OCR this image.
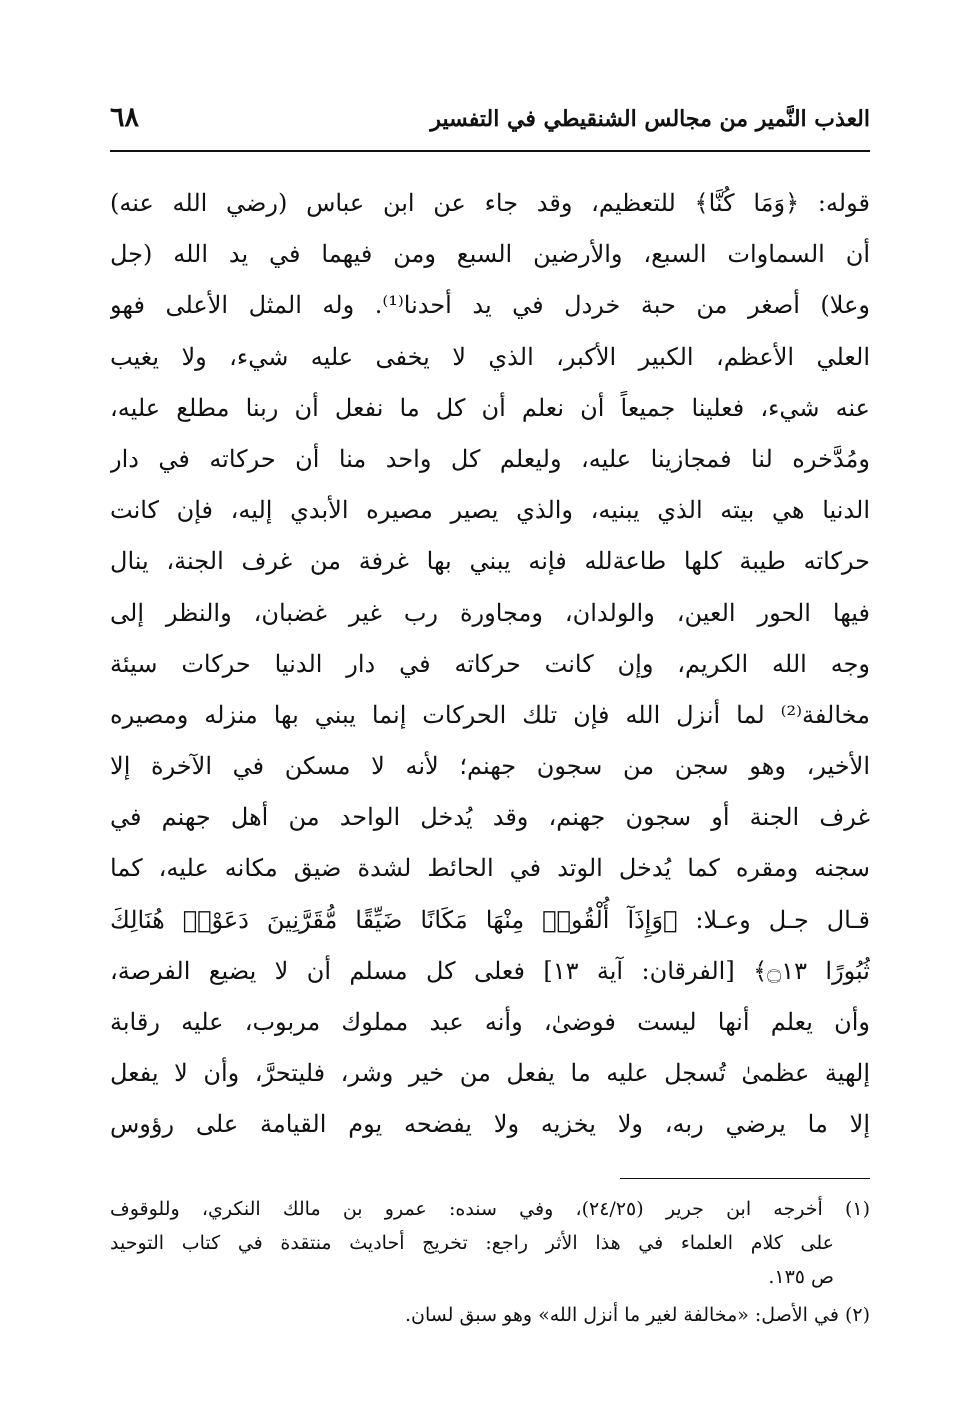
العذب النَّمير من مجالس الشنقيطي في التفسير
٦٨
قوله: ﴿وَمَا كُنَّا﴾ للتعظيم، وقد جاء عن ابن عباس (رضي الله عنه)
أن السماوات السبع، والأرضين السبع ومن فيهما في يد الله (جل
وعلا) أصغر من حبة خردل في يد أحدنا⁽¹⁾. وله المثل الأعلى فهو
العلي الأعظم، الكبير الأكبر، الذي لا يخفى عليه شيء، ولا يغيب
عنه شيء، فعلينا جميعاً أن نعلم أن كل ما نفعل أن ربنا مطلع عليه،
ومُدَّخره لنا فمجازينا عليه، وليعلم كل واحد منا أن حركاته في دار
الدنيا هي بيته الذي يبنيه، والذي يصير مصيره الأبدي إليه، فإن كانت
حركاته طيبة كلها طاعةلله فإنه يبني بها غرفة من غرف الجنة، ينال
فيها الحور العين، والولدان، ومجاورة رب غير غضبان، والنظر إلى
وجه الله الكريم، وإن كانت حركاته في دار الدنيا حركات سيئة
مخالفة⁽²⁾ لما أنزل الله فإن تلك الحركات إنما يبني بها منزله ومصيره
الأخير، وهو سجن من سجون جهنم؛ لأنه لا مسكن في الآخرة إلا
غرف الجنة أو سجون جهنم، وقد يُدخل الواحد من أهل جهنم في
سجنه ومقره كما يُدخل الوتد في الحائط لشدة ضيق مكانه عليه، كما
قـال جـل وعـلا: ﴿وَإِذَآ أُلْقُوا۟ مِنْهَا مَكَانًا ضَيِّقًا مُّقَرَّنِينَ دَعَوْا۟ هُنَالِكَ
ثُبُورًا ۝١٣﴾ [الفرقان: آية ١٣] فعلى كل مسلم أن لا يضيع الفرصة،
وأن يعلم أنها ليست فوضىٰ، وأنه عبد مملوك مربوب، عليه رقابة
إلهية عظمىٰ تُسجل عليه ما يفعل من خير وشر، فليتحرَّ، وأن لا يفعل
إلا ما يرضي ربه، ولا يخزيه ولا يفضحه يوم القيامة على رؤوس
(١) أخرجه ابن جرير (٢٤/٢٥)، وفي سنده: عمرو بن مالك النكري، وللوقوف
على كلام العلماء في هذا الأثر راجع: تخريج أحاديث منتقدة في كتاب التوحيد
ص ١٣٥.
(٢) في الأصل: «مخالفة لغير ما أنزل الله» وهو سبق لسان.
